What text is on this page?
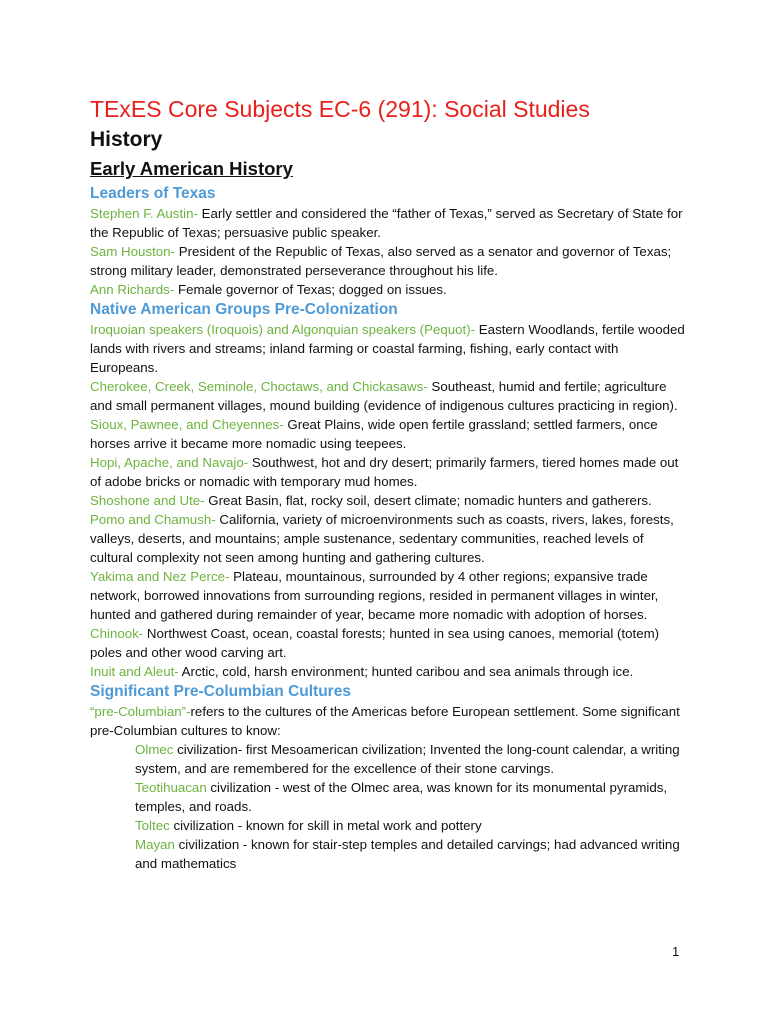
TExES Core Subjects EC-6 (291): Social Studies
History
Early American History
Leaders of Texas

Stephen F. Austin- Early settler and considered the “father of Texas,” served as Secretary of State for the Republic of Texas; persuasive public speaker.

Sam Houston- President of the Republic of Texas, also served as a senator and governor of Texas; strong military leader, demonstrated perseverance throughout his life.

Ann Richards- Female governor of Texas; dogged on issues.

Native American Groups Pre-Colonization

Iroquoian speakers (Iroquois) and Algonquian speakers (Pequot)- Eastern Woodlands, fertile wooded lands with rivers and streams; inland farming or coastal farming, fishing, early contact with Europeans.

Cherokee, Creek, Seminole, Choctaws, and Chickasaws- Southeast, humid and fertile; agriculture and small permanent villages, mound building (evidence of indigenous cultures practicing in region).

Sioux, Pawnee, and Cheyennes- Great Plains, wide open fertile grassland; settled farmers, once horses arrive it became more nomadic using teepees.

Hopi, Apache, and Navajo- Southwest, hot and dry desert; primarily farmers, tiered homes made out of adobe bricks or nomadic with temporary mud homes.

Shoshone and Ute- Great Basin, flat, rocky soil, desert climate; nomadic hunters and gatherers.

Pomo and Chamush- California, variety of microenvironments such as coasts, rivers, lakes, forests, valleys, deserts, and mountains; ample sustenance, sedentary communities, reached levels of cultural complexity not seen among hunting and gathering cultures.

Yakima and Nez Perce- Plateau, mountainous, surrounded by 4 other regions; expansive trade network, borrowed innovations from surrounding regions, resided in permanent villages in winter, hunted and gathered during remainder of year, became more nomadic with adoption of horses.

Chinook- Northwest Coast, ocean, coastal forests; hunted in sea using canoes, memorial (totem) poles and other wood carving art.

Inuit and Aleut- Arctic, cold, harsh environment; hunted caribou and sea animals through ice.

Significant Pre-Columbian Cultures

“pre-Columbian”-refers to the cultures of the Americas before European settlement. Some significant pre-Columbian cultures to know:

Olmec civilization- first Mesoamerican civilization; Invented the long-count calendar, a writing system, and are remembered for the excellence of their stone carvings.

Teotihuacan civilization - west of the Olmec area, was known for its monumental pyramids, temples, and roads.

Toltec civilization - known for skill in metal work and pottery

Mayan civilization - known for stair-step temples and detailed carvings; had advanced writing and mathematics

1
